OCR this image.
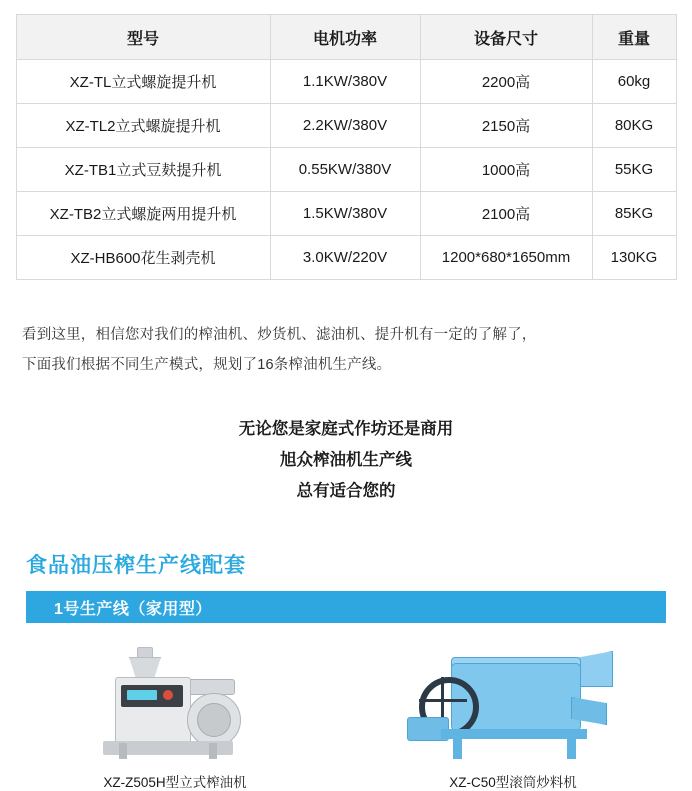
型号	电机功率	设备尺寸	重量
XZ-TL立式螺旋提升机	1.1KW/380V	2200高	60kg
XZ-TL2立式螺旋提升机	2.2KW/380V	2150高	80KG
XZ-TB1立式豆麸提升机	0.55KW/380V	1000高	55KG
XZ-TB2立式螺旋两用提升机	1.5KW/380V	2100高	85KG
XZ-HB600花生剥壳机	3.0KW/220V	1200*680*1650mm	130KG

看到这里，相信您对我们的榨油机、炒货机、滤油机、提升机有一定的了解了，

下面我们根据不同生产模式，规划了16条榨油机生产线。

无论您是家庭式作坊还是商用
旭众榨油机生产线
总有适合您的
食品油压榨生产线配套
1号生产线（家用型）
XZ-Z505H型立式榨油机	XZ-C50型滚筒炒料机
